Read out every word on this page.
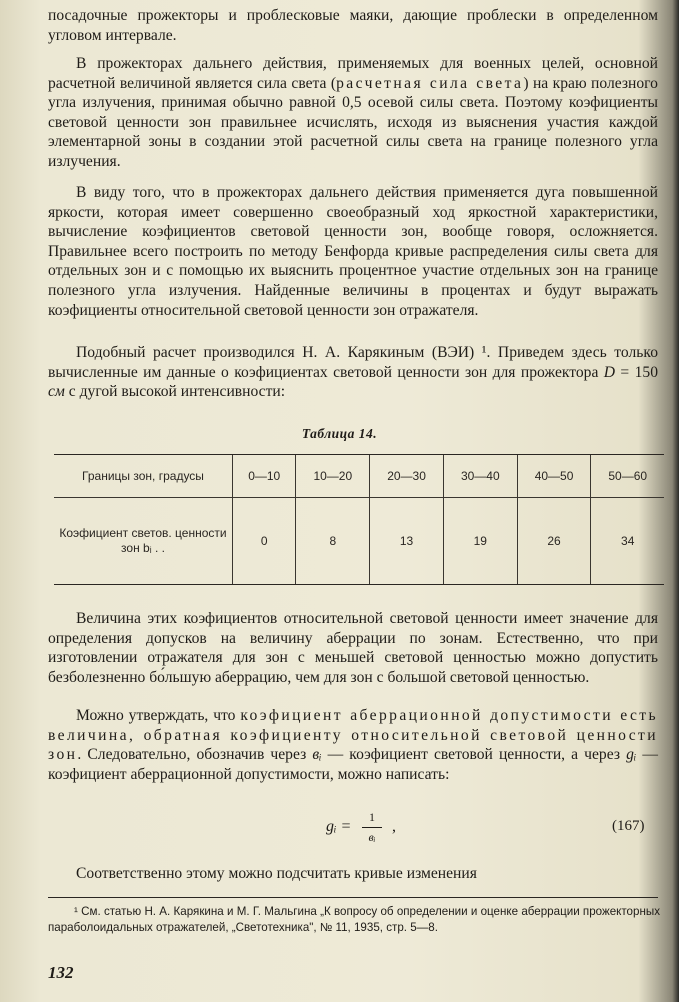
посадочные прожекторы и проблесковые маяки, дающие проблески в определенном угловом интервале.

В прожекторах дальнего действия, применяемых для военных целей, основной расчетной величиной является сила света (расчетная сила света) на краю полезного угла излучения, принимая обычно равной 0,5 осевой силы света. Поэтому коэфициенты световой ценности зон правильнее исчислять, исходя из выяснения участия каждой элементарной зоны в создании этой расчетной силы света на границе полезного угла излучения.

В виду того, что в прожекторах дальнего действия применяется дуга повышенной яркости, которая имеет совершенно своеобразный ход яркостной характеристики, вычисление коэфициентов световой ценности зон, вообще говоря, осложняется. Правильнее всего построить по методу Бенфорда кривые распределения силы света для отдельных зон и с помощью их выяснить процентное участие отдельных зон на границе полезного угла излучения. Найденные величины в процентах и будут выражать коэфициенты относительной световой ценности зон отражателя.

Подобный расчет производился Н. А. Карякиным (ВЭИ) ¹. Приведем здесь только вычисленные им данные о коэфициентах световой ценности зон для прожектора D = 150 см с дугой высокой интенсивности:

Таблица 14.
Границы зон, градусы	0—10	10—20	20—30	30—40	40—50	50—60
Коэфициент светов. ценности зон bᵢ . .	0	8	13	19	26	34

Величина этих коэфициентов относительной световой ценности имеет значение для определения допусков на величину аберрации по зонам. Естественно, что при изготовлении отражателя для зон с меньшей световой ценностью можно допустить безболезненно бо́льшую аберрацию, чем для зон с большой световой ценностью.

Можно утверждать, что коэфициент аберрационной допустимости есть величина, обратная коэфициенту относительной световой ценности зон. Следовательно, обозначив через вᵢ — коэфициент световой ценности, а через gᵢ — коэфициент аберрационной допустимости, можно написать:

gᵢ =
1
вᵢ
,	(167)

Соответственно этому можно подсчитать кривые изменения

¹ См. статью Н. А. Карякина и М. Г. Мальгина „К вопросу об определении и оценке аберрации прожекторных параболоидальных отражателей, „Светотехника", № 11, 1935, стр. 5—8.

132
